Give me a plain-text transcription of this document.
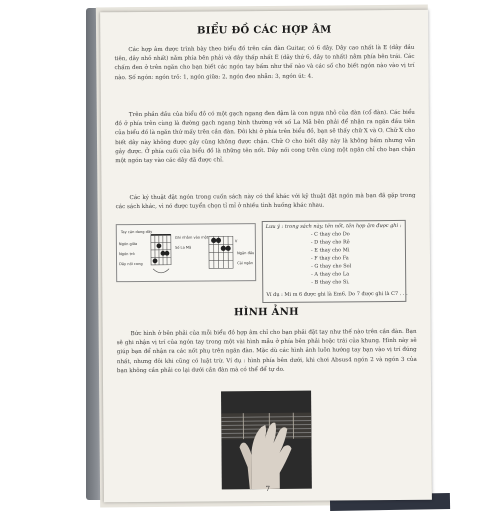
BIỂU ĐỒ CÁC HỢP ÂM

Các hợp âm được trình bày theo biểu đồ trên cần đàn Guitar, có 6 dây. Dây cao nhất là E (dây đầu tiên, dây nhỏ nhất) nằm phía bên phải và dây thấp nhất E (dây thứ 6, dây to nhất) nằm phía bên trái. Các chấm đen ở trên ngăn cho bạn biết các ngón tay bấm như thế nào và các số cho biết ngón nào vào vị trí nào. Số ngón: ngón trỏ: 1, ngón giữa: 2, ngón đeo nhẫn: 3, ngón út: 4.

Trên phần đầu của biểu đồ có một gạch ngang đen đậm là con ngựa nhỏ của đàn (cổ đàn). Các biểu đồ ở phía trên cùng là đường gạch ngang bình thường với số La Mã bên phải để nhận ra ngăn đầu tiên của biểu đồ là ngăn thứ mấy trên cần đàn. Đôi khi ở phía trên biểu đồ, bạn sẽ thấy chữ X và O. Chữ X cho biết dây này không được gảy cũng không được chặn. Chữ O cho biết dây này là không bấm nhưng vẫn gảy được. Ở phía cuối của biểu đồ là những tên nốt. Dây nối cong trên cùng một ngăn chỉ cho bạn chặn một ngón tay vào các dây đã được chỉ.

Các ký thuật đặt ngón trong cuốn sách này có thể khác với kỹ thuật đặt ngón mà bạn đã gặp trong các sách khác, vì nó được tuyển chọn tỉ mỉ ở nhiều tình huống khác nhau.

Tay cản dang dây
Ngón giữa
Ngón trỏ
Dây nối cong
Ghi nhằm vào một
Số La Mã
V
Ngăn đầu
Cái ngắn
Lưu ý : trong sách này, tên nốt, tên hợp âm được ghi :
- C thay cho Do
- D thay cho Rê
- E thay cho Mi
- F thay cho Fa
- G thay cho Sol
- A thay cho La
- B thay cho Si.
Ví dụ : Mi m 6 được ghi là Em6, Do 7 được ghi là C7 . . .
HÌNH ẢNH

Bức hình ở bên phải của mỗi biểu đồ hợp âm chỉ cho bạn phải đặt tay như thế nào trên cần đàn. Bạn sẽ ghi nhận vị trí của ngón tay trong một vài hình mẫu ở phía bên phải hoặc trái của khung. Hình này sẽ giúp bạn để nhận ra các nốt phụ trên ngăn đàn. Mặc dù các hình ảnh luôn hướng tay bạn vào vị trí đúng nhất, nhưng đôi khi cũng có luật trừ. Ví dụ : hình phía bên dưới, khi chơi Absus4 ngón 2 và ngón 3 của bạn không cần phải co lại dưới cần đàn mà có thể để tự do.

7
